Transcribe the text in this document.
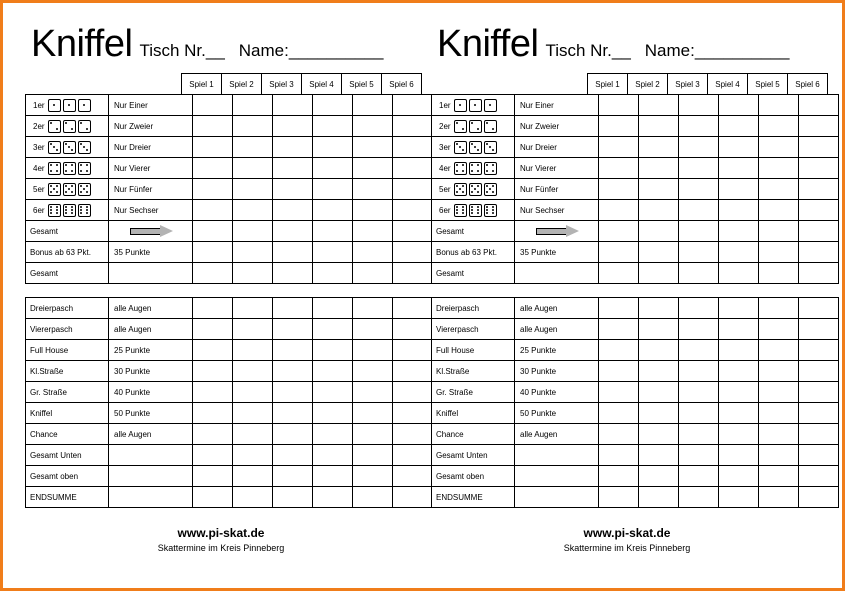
Kniffel Tisch Nr.__ Name:__________
Spiel 1	Spiel 2	Spiel 3	Spiel 4	Spiel 5	Spiel 6
1er	Nur Einer						

2er	Nur Zweier						

3er	Nur Dreier						

4er	Nur Vierer						

5er	Nur Fünfer						

6er	Nur Sechser						
Gesamt	

Bonus ab 63 Pkt.	35 Punkte						
Gesamt							
Dreierpasch	alle Augen						
Viererpasch	alle Augen						
Full House	25 Punkte						
Kl.Straße	30 Punkte						
Gr. Straße	40 Punkte						
Kniffel	50 Punkte						
Chance	alle Augen						
Gesamt Unten							
Gesamt oben							
ENDSUMME							
www.pi-skat.de
Skattermine im Kreis Pinneberg
Kniffel Tisch Nr.__ Name:__________
Spiel 1	Spiel 2	Spiel 3	Spiel 4	Spiel 5	Spiel 6
1er	Nur Einer						

2er	Nur Zweier						

3er	Nur Dreier						

4er	Nur Vierer						

5er	Nur Fünfer						

6er	Nur Sechser						
Gesamt	

Bonus ab 63 Pkt.	35 Punkte						
Gesamt							
Dreierpasch	alle Augen						
Viererpasch	alle Augen						
Full House	25 Punkte						
Kl.Straße	30 Punkte						
Gr. Straße	40 Punkte						
Kniffel	50 Punkte						
Chance	alle Augen						
Gesamt Unten							
Gesamt oben							
ENDSUMME							
www.pi-skat.de
Skattermine im Kreis Pinneberg
